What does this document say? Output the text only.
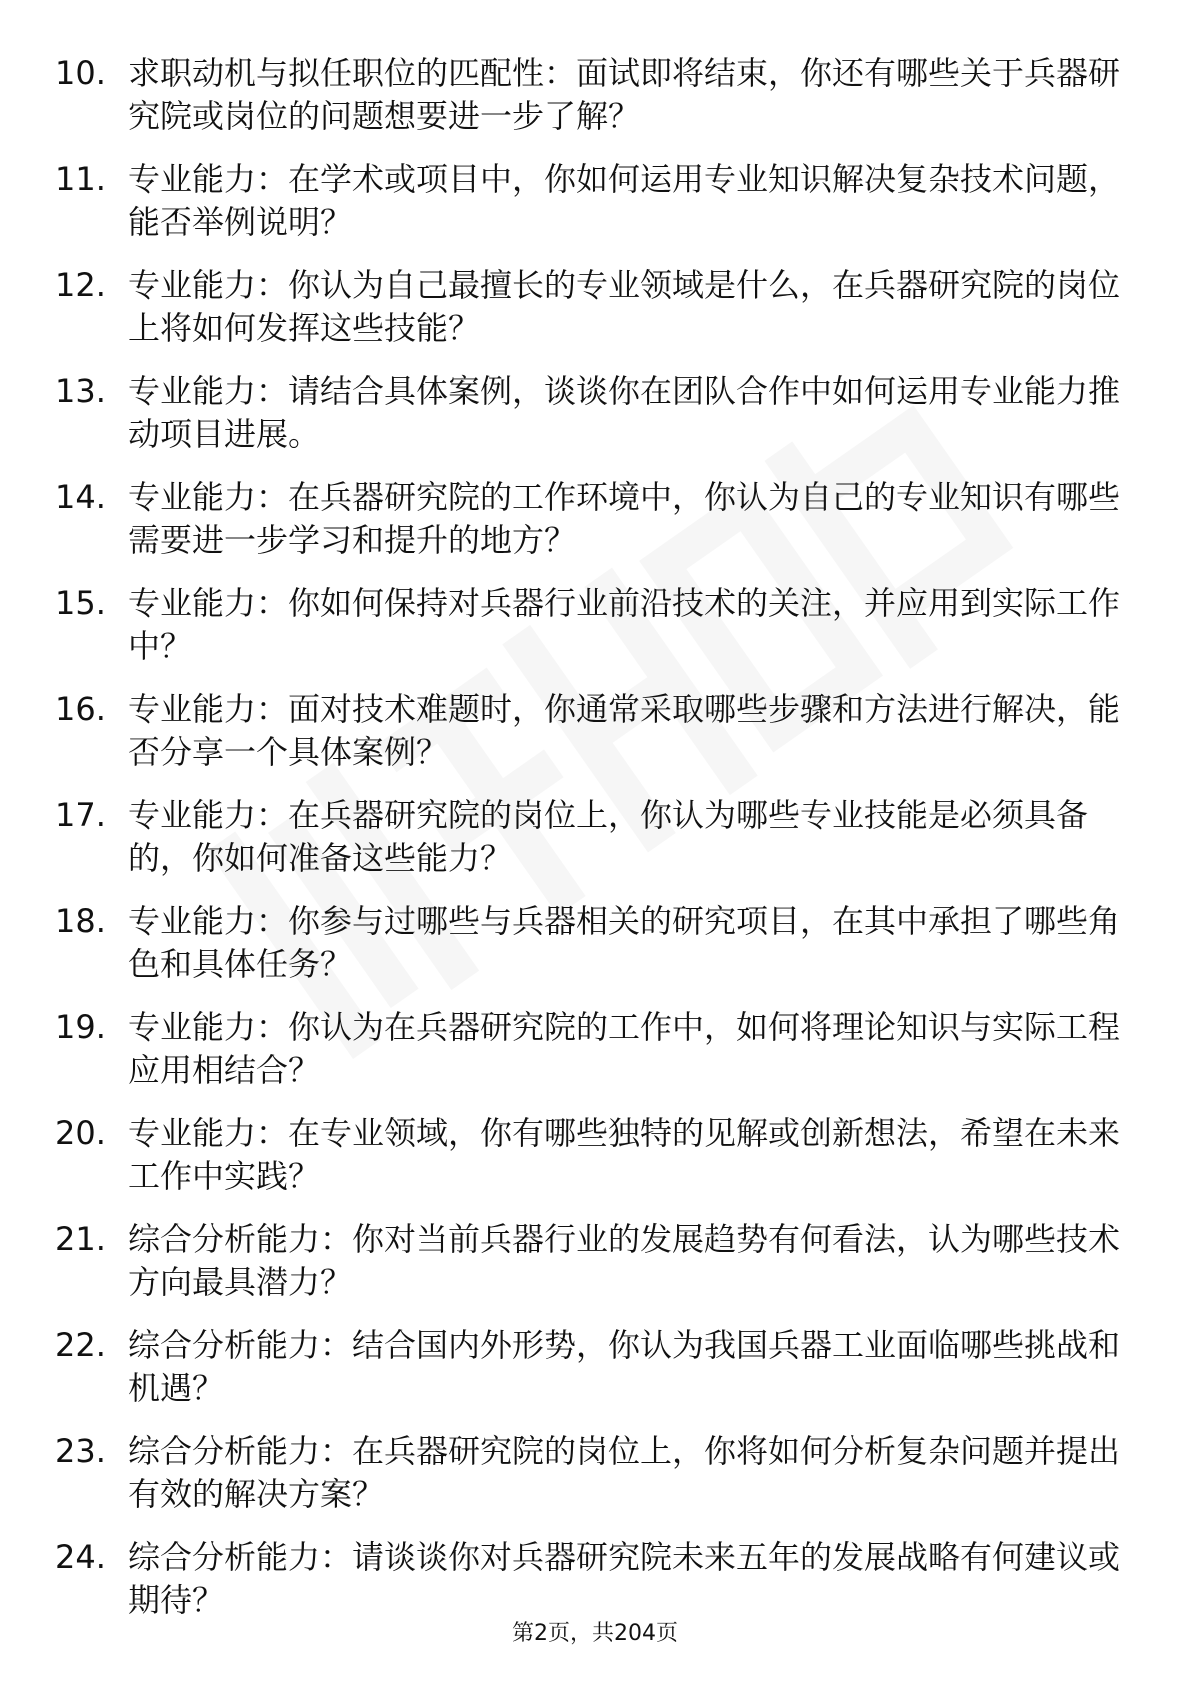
10. 求职动机与拟任职位的匹配性：面试即将结束，你还有哪些关于兵器研究院或岗位的问题想要进一步了解？
11. 专业能力：在学术或项目中，你如何运用专业知识解决复杂技术问题，能否举例说明？
12. 专业能力：你认为自己最擅长的专业领域是什么，在兵器研究院的岗位上将如何发挥这些技能？
13. 专业能力：请结合具体案例，谈谈你在团队合作中如何运用专业能力推动项目进展。
14. 专业能力：在兵器研究院的工作环境中，你认为自己的专业知识有哪些需要进一步学习和提升的地方？
15. 专业能力：你如何保持对兵器行业前沿技术的关注，并应用到实际工作中？
16. 专业能力：面对技术难题时，你通常采取哪些步骤和方法进行解决，能否分享一个具体案例？
17. 专业能力：在兵器研究院的岗位上，你认为哪些专业技能是必须具备的，你如何准备这些能力？
18. 专业能力：你参与过哪些与兵器相关的研究项目，在其中承担了哪些角色和具体任务？
19. 专业能力：你认为在兵器研究院的工作中，如何将理论知识与实际工程应用相结合？
20. 专业能力：在专业领域，你有哪些独特的见解或创新想法，希望在未来工作中实践？
21. 综合分析能力：你对当前兵器行业的发展趋势有何看法，认为哪些技术方向最具潜力？
22. 综合分析能力：结合国内外形势，你认为我国兵器工业面临哪些挑战和机遇？
23. 综合分析能力：在兵器研究院的岗位上，你将如何分析复杂问题并提出有效的解决方案？
24. 综合分析能力：请谈谈你对兵器研究院未来五年的发展战略有何建议或期待？
第2页，共204页
